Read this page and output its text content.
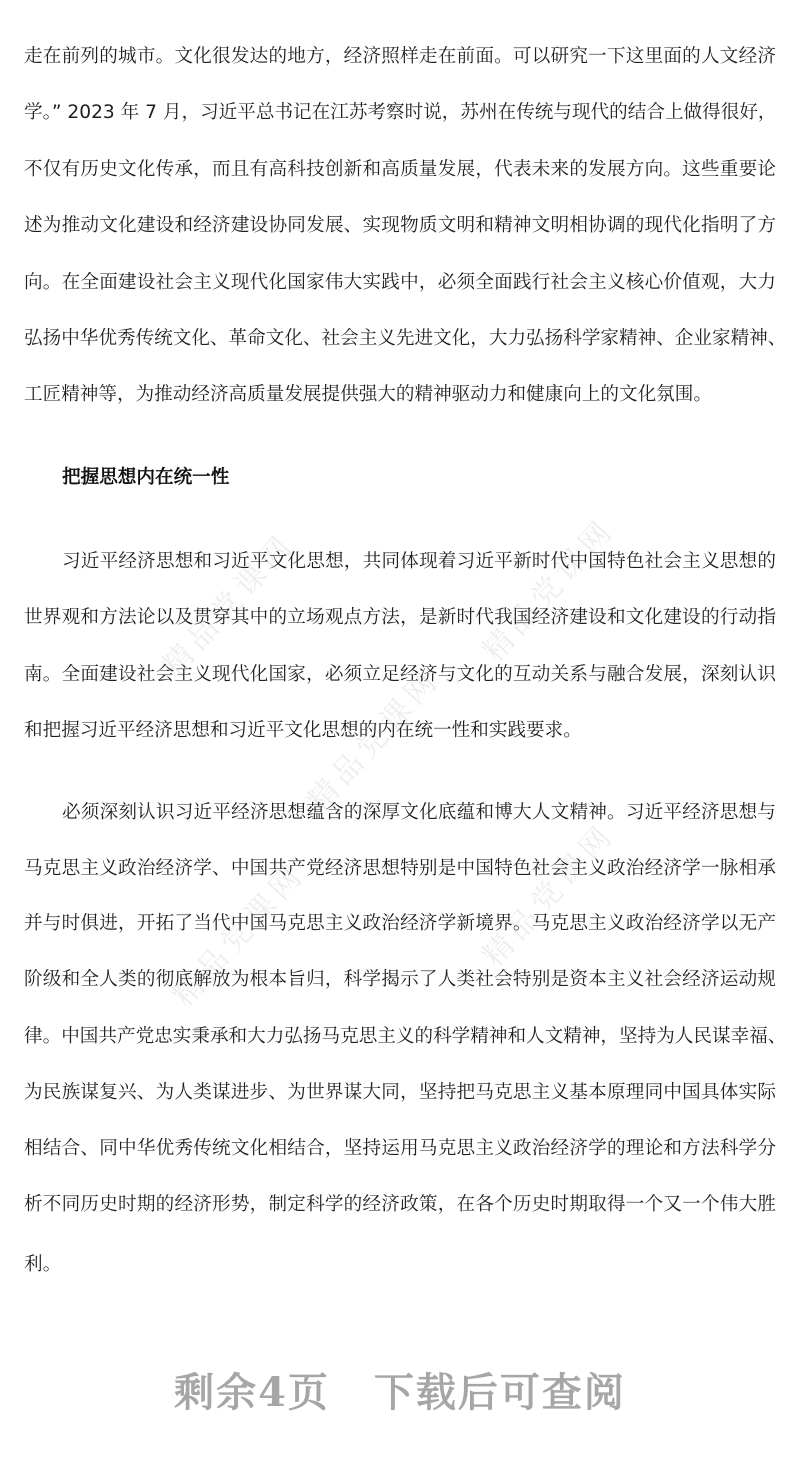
精品党课网	精品党课网
精品党课网
精品党课网	精品党课网
走在前列的城市。文化很发达的地方，经济照样走在前面。可以研究一下这里面的人文经济
学。” 2023 年 7 月，习近平总书记在江苏考察时说，苏州在传统与现代的结合上做得很好，
不仅有历史文化传承，而且有高科技创新和高质量发展，代表未来的发展方向。这些重要论
述为推动文化建设和经济建设协同发展、实现物质文明和精神文明相协调的现代化指明了方
向。在全面建设社会主义现代化国家伟大实践中，必须全面践行社会主义核心价值观，大力
弘扬中华优秀传统文化、革命文化、社会主义先进文化，大力弘扬科学家精神、企业家精神、
工匠精神等，为推动经济高质量发展提供强大的精神驱动力和健康向上的文化氛围。
把握思想内在统一性
习近平经济思想和习近平文化思想，共同体现着习近平新时代中国特色社会主义思想的
世界观和方法论以及贯穿其中的立场观点方法，是新时代我国经济建设和文化建设的行动指
南。全面建设社会主义现代化国家，必须立足经济与文化的互动关系与融合发展，深刻认识
和把握习近平经济思想和习近平文化思想的内在统一性和实践要求。
必须深刻认识习近平经济思想蕴含的深厚文化底蕴和博大人文精神。习近平经济思想与
马克思主义政治经济学、中国共产党经济思想特别是中国特色社会主义政治经济学一脉相承
并与时俱进，开拓了当代中国马克思主义政治经济学新境界。马克思主义政治经济学以无产
阶级和全人类的彻底解放为根本旨归，科学揭示了人类社会特别是资本主义社会经济运动规
律。中国共产党忠实秉承和大力弘扬马克思主义的科学精神和人文精神，坚持为人民谋幸福、
为民族谋复兴、为人类谋进步、为世界谋大同，坚持把马克思主义基本原理同中国具体实际
相结合、同中华优秀传统文化相结合，坚持运用马克思主义政治经济学的理论和方法科学分
析不同历史时期的经济形势，制定科学的经济政策，在各个历史时期取得一个又一个伟大胜
利。
剩余4页 下载后可查阅
